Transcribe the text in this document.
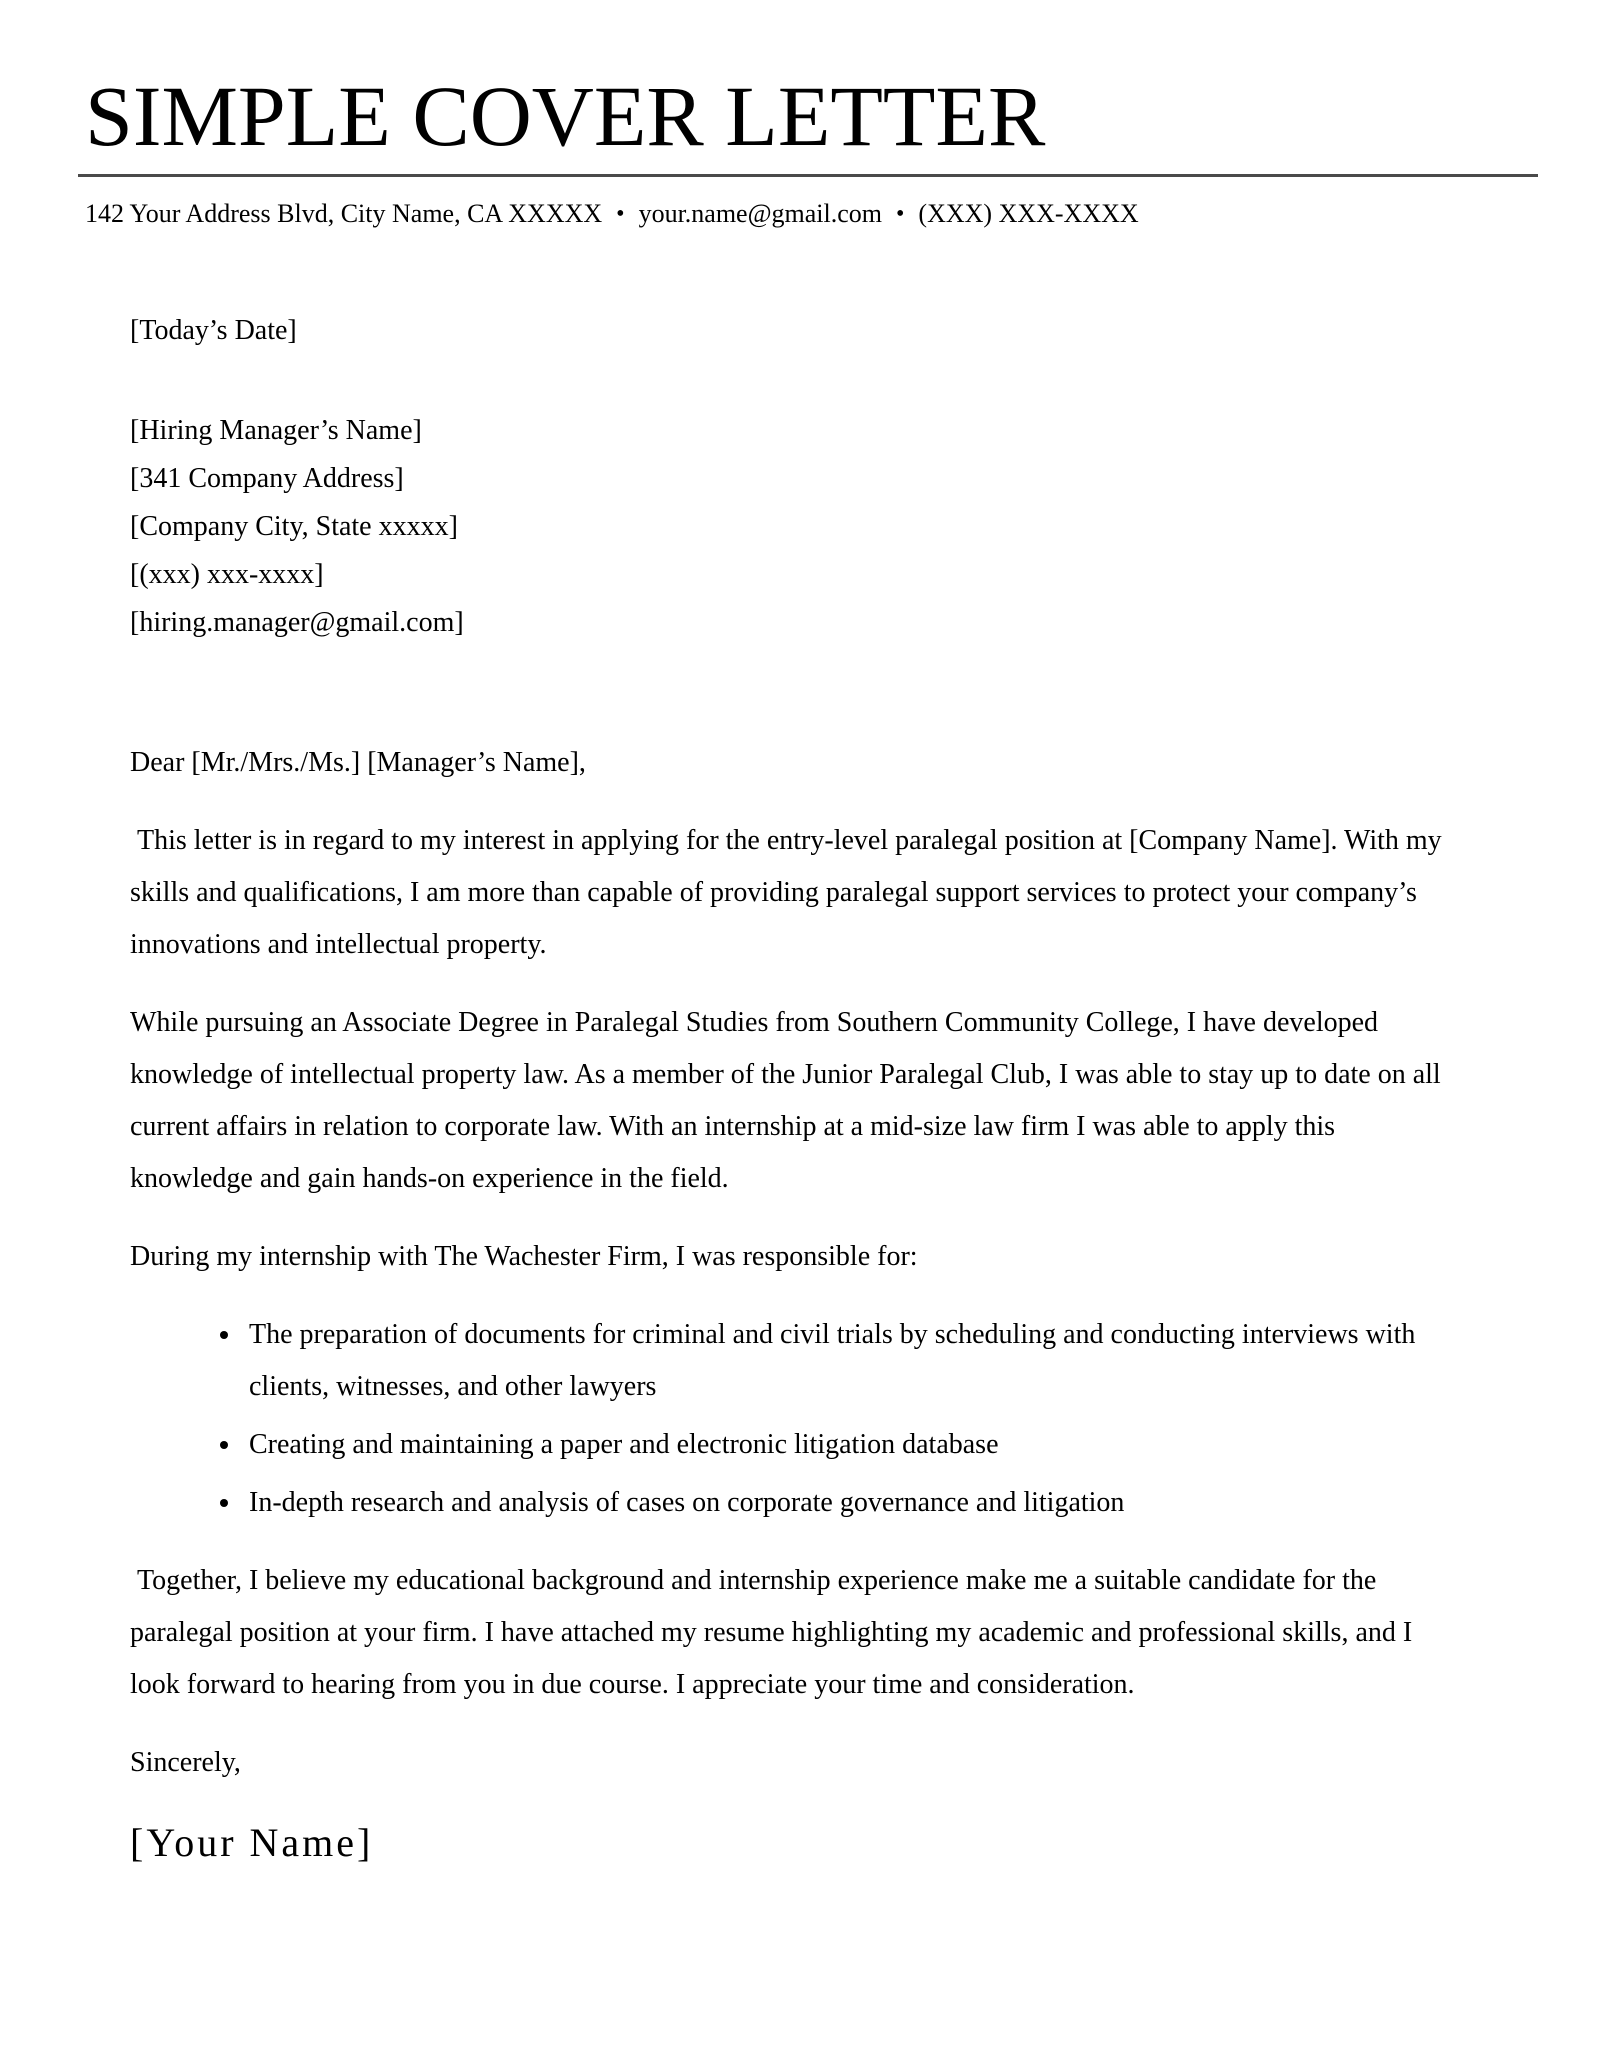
SIMPLE COVER LETTER
142 Your Address Blvd, City Name, CA XXXXX • your.name@gmail.com • (XXX) XXX-XXXX
[Today’s Date]
[Hiring Manager’s Name]
[341 Company Address]
[Company City, State xxxxx]
[(xxx) xxx-xxxx]
[hiring.manager@gmail.com]
Dear [Mr./Mrs./Ms.] [Manager’s Name],

This letter is in regard to my interest in applying for the entry-level paralegal position at [Company Name]. With my skills and qualifications, I am more than capable of providing paralegal support services to protect your company’s innovations and intellectual property.

While pursuing an Associate Degree in Paralegal Studies from Southern Community College, I have developed knowledge of intellectual property law. As a member of the Junior Paralegal Club, I was able to stay up to date on all current affairs in relation to corporate law. With an internship at a mid-size law firm I was able to apply this knowledge and gain hands-on experience in the field.

During my internship with The Wachester Firm, I was responsible for:

• The preparation of documents for criminal and civil trials by scheduling and conducting interviews with clients, witnesses, and other lawyers
• Creating and maintaining a paper and electronic litigation database
• In-depth research and analysis of cases on corporate governance and litigation

Together, I believe my educational background and internship experience make me a suitable candidate for the paralegal position at your firm. I have attached my resume highlighting my academic and professional skills, and I look forward to hearing from you in due course. I appreciate your time and consideration.

Sincerely,
[Your Name]
